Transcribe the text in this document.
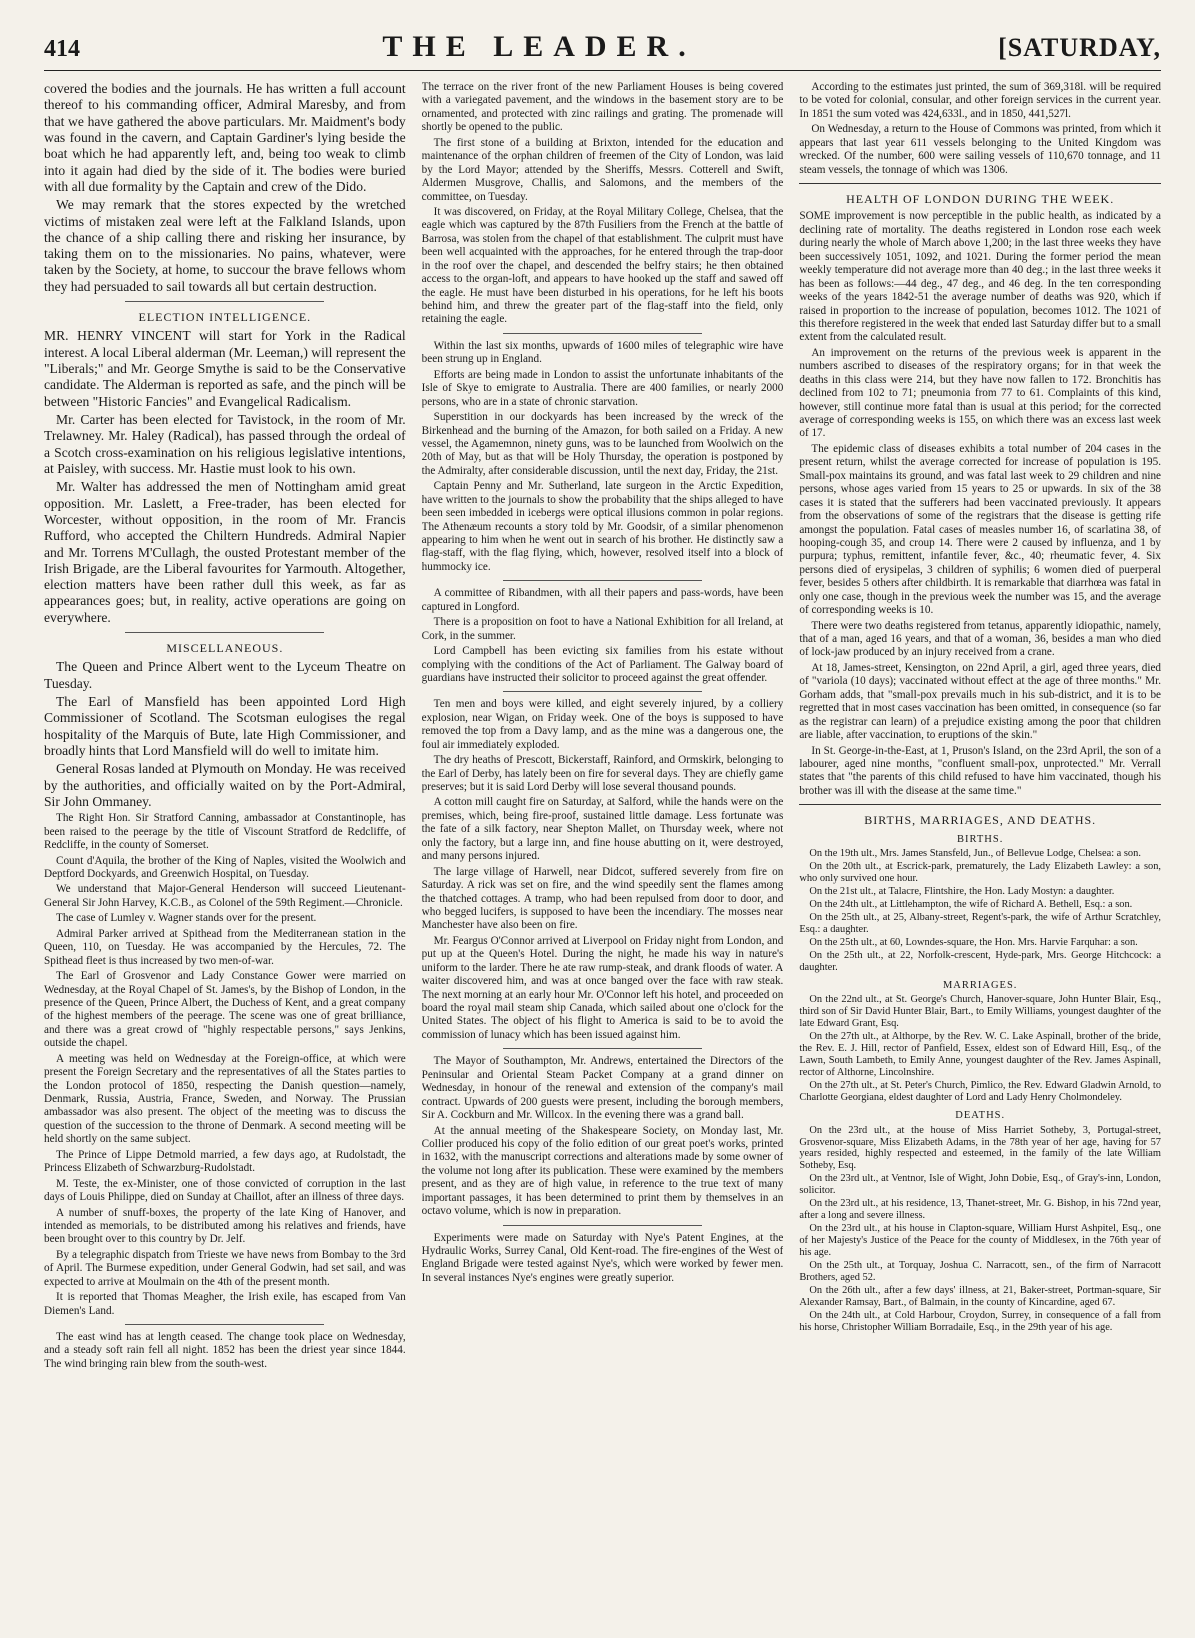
414	THE LEADER.	[SATURDAY,

covered the bodies and the journals. He has written a full account thereof to his commanding officer, Admiral Maresby, and from that we have gathered the above particulars. Mr. Maidment's body was found in the cavern, and Captain Gardiner's lying beside the boat which he had apparently left, and, being too weak to climb into it again had died by the side of it. The bodies were buried with all due formality by the Captain and crew of the Dido.

We may remark that the stores expected by the wretched victims of mistaken zeal were left at the Falkland Islands, upon the chance of a ship calling there and risking her insurance, by taking them on to the missionaries. No pains, whatever, were taken by the Society, at home, to succour the brave fellows whom they had persuaded to sail towards all but certain destruction.

ELECTION INTELLIGENCE.

MR. HENRY VINCENT will start for York in the Radical interest. A local Liberal alderman (Mr. Leeman,) will represent the "Liberals;" and Mr. George Smythe is said to be the Conservative candidate. The Alderman is reported as safe, and the pinch will be between "Historic Fancies" and Evangelical Radicalism.

Mr. Carter has been elected for Tavistock, in the room of Mr. Trelawney. Mr. Haley (Radical), has passed through the ordeal of a Scotch cross-examination on his religious legislative intentions, at Paisley, with success. Mr. Hastie must look to his own.

Mr. Walter has addressed the men of Nottingham amid great opposition. Mr. Laslett, a Free-trader, has been elected for Worcester, without opposition, in the room of Mr. Francis Rufford, who accepted the Chiltern Hundreds. Admiral Napier and Mr. Torrens M'Cullagh, the ousted Protestant member of the Irish Brigade, are the Liberal favourites for Yarmouth. Altogether, election matters have been rather dull this week, as far as appearances goes; but, in reality, active operations are going on everywhere.

MISCELLANEOUS.

The Queen and Prince Albert went to the Lyceum Theatre on Tuesday.

The Earl of Mansfield has been appointed Lord High Commissioner of Scotland. The Scotsman eulogises the regal hospitality of the Marquis of Bute, late High Commissioner, and broadly hints that Lord Mansfield will do well to imitate him.

General Rosas landed at Plymouth on Monday. He was received by the authorities, and officially waited on by the Port-Admiral, Sir John Ommaney.

The Right Hon. Sir Stratford Canning, ambassador at Constantinople, has been raised to the peerage by the title of Viscount Stratford de Redcliffe, of Redcliffe, in the county of Somerset.

Count d'Aquila, the brother of the King of Naples, visited the Woolwich and Deptford Dockyards, and Greenwich Hospital, on Tuesday.

We understand that Major-General Henderson will succeed Lieutenant-General Sir John Harvey, K.C.B., as Colonel of the 59th Regiment.—Chronicle.

The case of Lumley v. Wagner stands over for the present.

Admiral Parker arrived at Spithead from the Mediterranean station in the Queen, 110, on Tuesday. He was accompanied by the Hercules, 72. The Spithead fleet is thus increased by two men-of-war.

The Earl of Grosvenor and Lady Constance Gower were married on Wednesday, at the Royal Chapel of St. James's, by the Bishop of London, in the presence of the Queen, Prince Albert, the Duchess of Kent, and a great company of the highest members of the peerage. The scene was one of great brilliance, and there was a great crowd of "highly respectable persons," says Jenkins, outside the chapel.

A meeting was held on Wednesday at the Foreign-office, at which were present the Foreign Secretary and the representatives of all the States parties to the London protocol of 1850, respecting the Danish question—namely, Denmark, Russia, Austria, France, Sweden, and Norway. The Prussian ambassador was also present. The object of the meeting was to discuss the question of the succession to the throne of Denmark. A second meeting will be held shortly on the same subject.

The Prince of Lippe Detmold married, a few days ago, at Rudolstadt, the Princess Elizabeth of Schwarzburg-Rudolstadt.

M. Teste, the ex-Minister, one of those convicted of corruption in the last days of Louis Philippe, died on Sunday at Chaillot, after an illness of three days.

A number of snuff-boxes, the property of the late King of Hanover, and intended as memorials, to be distributed among his relatives and friends, have been brought over to this country by Dr. Jelf.

By a telegraphic dispatch from Trieste we have news from Bombay to the 3rd of April. The Burmese expedition, under General Godwin, had set sail, and was expected to arrive at Moulmain on the 4th of the present month.

It is reported that Thomas Meagher, the Irish exile, has escaped from Van Diemen's Land.

The east wind has at length ceased. The change took place on Wednesday, and a steady soft rain fell all night. 1852 has been the driest year since 1844. The wind bringing rain blew from the south-west.

The terrace on the river front of the new Parliament Houses is being covered with a variegated pavement, and the windows in the basement story are to be ornamented, and protected with zinc railings and grating. The promenade will shortly be opened to the public.

The first stone of a building at Brixton, intended for the education and maintenance of the orphan children of freemen of the City of London, was laid by the Lord Mayor; attended by the Sheriffs, Messrs. Cotterell and Swift, Aldermen Musgrove, Challis, and Salomons, and the members of the committee, on Tuesday.

It was discovered, on Friday, at the Royal Military College, Chelsea, that the eagle which was captured by the 87th Fusiliers from the French at the battle of Barrosa, was stolen from the chapel of that establishment. The culprit must have been well acquainted with the approaches, for he entered through the trap-door in the roof over the chapel, and descended the belfry stairs; he then obtained access to the organ-loft, and appears to have hooked up the staff and sawed off the eagle. He must have been disturbed in his operations, for he left his boots behind him, and threw the greater part of the flag-staff into the field, only retaining the eagle.

Within the last six months, upwards of 1600 miles of telegraphic wire have been strung up in England.

Efforts are being made in London to assist the unfortunate inhabitants of the Isle of Skye to emigrate to Australia. There are 400 families, or nearly 2000 persons, who are in a state of chronic starvation.

Superstition in our dockyards has been increased by the wreck of the Birkenhead and the burning of the Amazon, for both sailed on a Friday. A new vessel, the Agamemnon, ninety guns, was to be launched from Woolwich on the 20th of May, but as that will be Holy Thursday, the operation is postponed by the Admiralty, after considerable discussion, until the next day, Friday, the 21st.

Captain Penny and Mr. Sutherland, late surgeon in the Arctic Expedition, have written to the journals to show the probability that the ships alleged to have been seen imbedded in icebergs were optical illusions common in polar regions. The Athenæum recounts a story told by Mr. Goodsir, of a similar phenomenon appearing to him when he went out in search of his brother. He distinctly saw a flag-staff, with the flag flying, which, however, resolved itself into a block of hummocky ice.

A committee of Ribandmen, with all their papers and pass-words, have been captured in Longford.

There is a proposition on foot to have a National Exhibition for all Ireland, at Cork, in the summer.

Lord Campbell has been evicting six families from his estate without complying with the conditions of the Act of Parliament. The Galway board of guardians have instructed their solicitor to proceed against the great offender.

Ten men and boys were killed, and eight severely injured, by a colliery explosion, near Wigan, on Friday week. One of the boys is supposed to have removed the top from a Davy lamp, and as the mine was a dangerous one, the foul air immediately exploded.

The dry heaths of Prescott, Bickerstaff, Rainford, and Ormskirk, belonging to the Earl of Derby, has lately been on fire for several days. They are chiefly game preserves; but it is said Lord Derby will lose several thousand pounds.

A cotton mill caught fire on Saturday, at Salford, while the hands were on the premises, which, being fire-proof, sustained little damage. Less fortunate was the fate of a silk factory, near Shepton Mallet, on Thursday week, where not only the factory, but a large inn, and fine house abutting on it, were destroyed, and many persons injured.

The large village of Harwell, near Didcot, suffered severely from fire on Saturday. A rick was set on fire, and the wind speedily sent the flames among the thatched cottages. A tramp, who had been repulsed from door to door, and who begged lucifers, is supposed to have been the incendiary. The mosses near Manchester have also been on fire.

Mr. Feargus O'Connor arrived at Liverpool on Friday night from London, and put up at the Queen's Hotel. During the night, he made his way in nature's uniform to the larder. There he ate raw rump-steak, and drank floods of water. A waiter discovered him, and was at once banged over the face with raw steak. The next morning at an early hour Mr. O'Connor left his hotel, and proceeded on board the royal mail steam ship Canada, which sailed about one o'clock for the United States. The object of his flight to America is said to be to avoid the commission of lunacy which has been issued against him.

The Mayor of Southampton, Mr. Andrews, entertained the Directors of the Peninsular and Oriental Steam Packet Company at a grand dinner on Wednesday, in honour of the renewal and extension of the company's mail contract. Upwards of 200 guests were present, including the borough members, Sir A. Cockburn and Mr. Willcox. In the evening there was a grand ball.

At the annual meeting of the Shakespeare Society, on Monday last, Mr. Collier produced his copy of the folio edition of our great poet's works, printed in 1632, with the manuscript corrections and alterations made by some owner of the volume not long after its publication. These were examined by the members present, and as they are of high value, in reference to the true text of many important passages, it has been determined to print them by themselves in an octavo volume, which is now in preparation.

Experiments were made on Saturday with Nye's Patent Engines, at the Hydraulic Works, Surrey Canal, Old Kent-road. The fire-engines of the West of England Brigade were tested against Nye's, which were worked by fewer men. In several instances Nye's engines were greatly superior.

According to the estimates just printed, the sum of 369,318l. will be required to be voted for colonial, consular, and other foreign services in the current year. In 1851 the sum voted was 424,633l., and in 1850, 441,527l.

On Wednesday, a return to the House of Commons was printed, from which it appears that last year 611 vessels belonging to the United Kingdom was wrecked. Of the number, 600 were sailing vessels of 110,670 tonnage, and 11 steam vessels, the tonnage of which was 1306.

HEALTH OF LONDON DURING THE WEEK.

SOME improvement is now perceptible in the public health, as indicated by a declining rate of mortality. The deaths registered in London rose each week during nearly the whole of March above 1,200; in the last three weeks they have been successively 1051, 1092, and 1021. During the former period the mean weekly temperature did not average more than 40 deg.; in the last three weeks it has been as follows:—44 deg., 47 deg., and 46 deg. In the ten corresponding weeks of the years 1842-51 the average number of deaths was 920, which if raised in proportion to the increase of population, becomes 1012. The 1021 of this therefore registered in the week that ended last Saturday differ but to a small extent from the calculated result.

An improvement on the returns of the previous week is apparent in the numbers ascribed to diseases of the respiratory organs; for in that week the deaths in this class were 214, but they have now fallen to 172. Bronchitis has declined from 102 to 71; pneumonia from 77 to 61. Complaints of this kind, however, still continue more fatal than is usual at this period; for the corrected average of corresponding weeks is 155, on which there was an excess last week of 17.

The epidemic class of diseases exhibits a total number of 204 cases in the present return, whilst the average corrected for increase of population is 195. Small-pox maintains its ground, and was fatal last week to 29 children and nine persons, whose ages varied from 15 years to 25 or upwards. In six of the 38 cases it is stated that the sufferers had been vaccinated previously. It appears from the observations of some of the registrars that the disease is getting rife amongst the population. Fatal cases of measles number 16, of scarlatina 38, of hooping-cough 35, and croup 14. There were 2 caused by influenza, and 1 by purpura; typhus, remittent, infantile fever, &c., 40; rheumatic fever, 4. Six persons died of erysipelas, 3 children of syphilis; 6 women died of puerperal fever, besides 5 others after childbirth. It is remarkable that diarrhœa was fatal in only one case, though in the previous week the number was 15, and the average of corresponding weeks is 10.

There were two deaths registered from tetanus, apparently idiopathic, namely, that of a man, aged 16 years, and that of a woman, 36, besides a man who died of lock-jaw produced by an injury received from a crane.

At 18, James-street, Kensington, on 22nd April, a girl, aged three years, died of "variola (10 days); vaccinated without effect at the age of three months." Mr. Gorham adds, that "small-pox prevails much in his sub-district, and it is to be regretted that in most cases vaccination has been omitted, in consequence (so far as the registrar can learn) of a prejudice existing among the poor that children are liable, after vaccination, to eruptions of the skin."

In St. George-in-the-East, at 1, Pruson's Island, on the 23rd April, the son of a labourer, aged nine months, "confluent small-pox, unprotected." Mr. Verrall states that "the parents of this child refused to have him vaccinated, though his brother was ill with the disease at the same time."

BIRTHS, MARRIAGES, AND DEATHS.
BIRTHS.

On the 19th ult., Mrs. James Stansfeld, Jun., of Bellevue Lodge, Chelsea: a son.

On the 20th ult., at Escrick-park, prematurely, the Lady Elizabeth Lawley: a son, who only survived one hour.

On the 21st ult., at Talacre, Flintshire, the Hon. Lady Mostyn: a daughter.

On the 24th ult., at Littlehampton, the wife of Richard A. Bethell, Esq.: a son.

On the 25th ult., at 25, Albany-street, Regent's-park, the wife of Arthur Scratchley, Esq.: a daughter.

On the 25th ult., at 60, Lowndes-square, the Hon. Mrs. Harvie Farquhar: a son.

On the 25th ult., at 22, Norfolk-crescent, Hyde-park, Mrs. George Hitchcock: a daughter.

MARRIAGES.

On the 22nd ult., at St. George's Church, Hanover-square, John Hunter Blair, Esq., third son of Sir David Hunter Blair, Bart., to Emily Williams, youngest daughter of the late Edward Grant, Esq.

On the 27th ult., at Althorpe, by the Rev. W. C. Lake Aspinall, brother of the bride, the Rev. E. J. Hill, rector of Panfield, Essex, eldest son of Edward Hill, Esq., of the Lawn, South Lambeth, to Emily Anne, youngest daughter of the Rev. James Aspinall, rector of Althorne, Lincolnshire.

On the 27th ult., at St. Peter's Church, Pimlico, the Rev. Edward Gladwin Arnold, to Charlotte Georgiana, eldest daughter of Lord and Lady Henry Cholmondeley.

DEATHS.

On the 23rd ult., at the house of Miss Harriet Sotheby, 3, Portugal-street, Grosvenor-square, Miss Elizabeth Adams, in the 78th year of her age, having for 57 years resided, highly respected and esteemed, in the family of the late William Sotheby, Esq.

On the 23rd ult., at Ventnor, Isle of Wight, John Dobie, Esq., of Gray's-inn, London, solicitor.

On the 23rd ult., at his residence, 13, Thanet-street, Mr. G. Bishop, in his 72nd year, after a long and severe illness.

On the 23rd ult., at his house in Clapton-square, William Hurst Ashpitel, Esq., one of her Majesty's Justice of the Peace for the county of Middlesex, in the 76th year of his age.

On the 25th ult., at Torquay, Joshua C. Narracott, sen., of the firm of Narracott Brothers, aged 52.

On the 26th ult., after a few days' illness, at 21, Baker-street, Portman-square, Sir Alexander Ramsay, Bart., of Balmain, in the county of Kincardine, aged 67.

On the 24th ult., at Cold Harbour, Croydon, Surrey, in consequence of a fall from his horse, Christopher William Borradaile, Esq., in the 29th year of his age.
